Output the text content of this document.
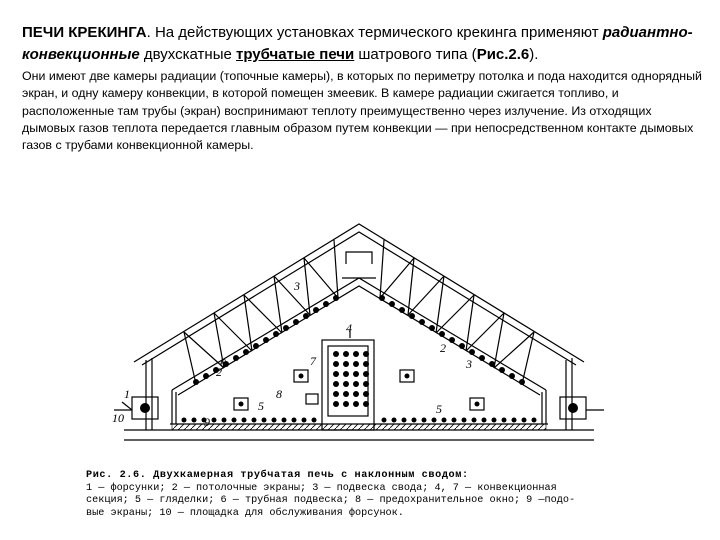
ПЕЧИ КРЕКИНГА. На действующих установках термического крекинга применяют радиантно-конвекционные двухскатные трубчатые печи шатрового типа (Рис.2.6).
Они имеют две камеры радиации (топочные камеры), в которых по периметру потолка и пода находится однорядный экран, и одну камеру конвекции, в которой помещен змеевик. В камере радиации сжигается топливо, и расположенные там трубы (экран) воспринимают теплоту преимущественно через излучение. Из отходящих дымовых газов теплота передается главным образом путем конвекции — при непосредственном контакте дымовых газов с трубами конвекционной камеры.
1
2
2
3
3
4
5	5
6	7
8
9
10
Рис. 2.6. Двухкамерная трубчатая печь с наклонным сводом:
1 — форсунки; 2 — потолочные экраны; 3 — подвеска свода; 4, 7 — конвекционная
секция; 5 — гляделки; 6 — трубная подвеска; 8 — предохранительное окно; 9 —подо-
вые экраны; 10 — площадка для обслуживания форсунок.
